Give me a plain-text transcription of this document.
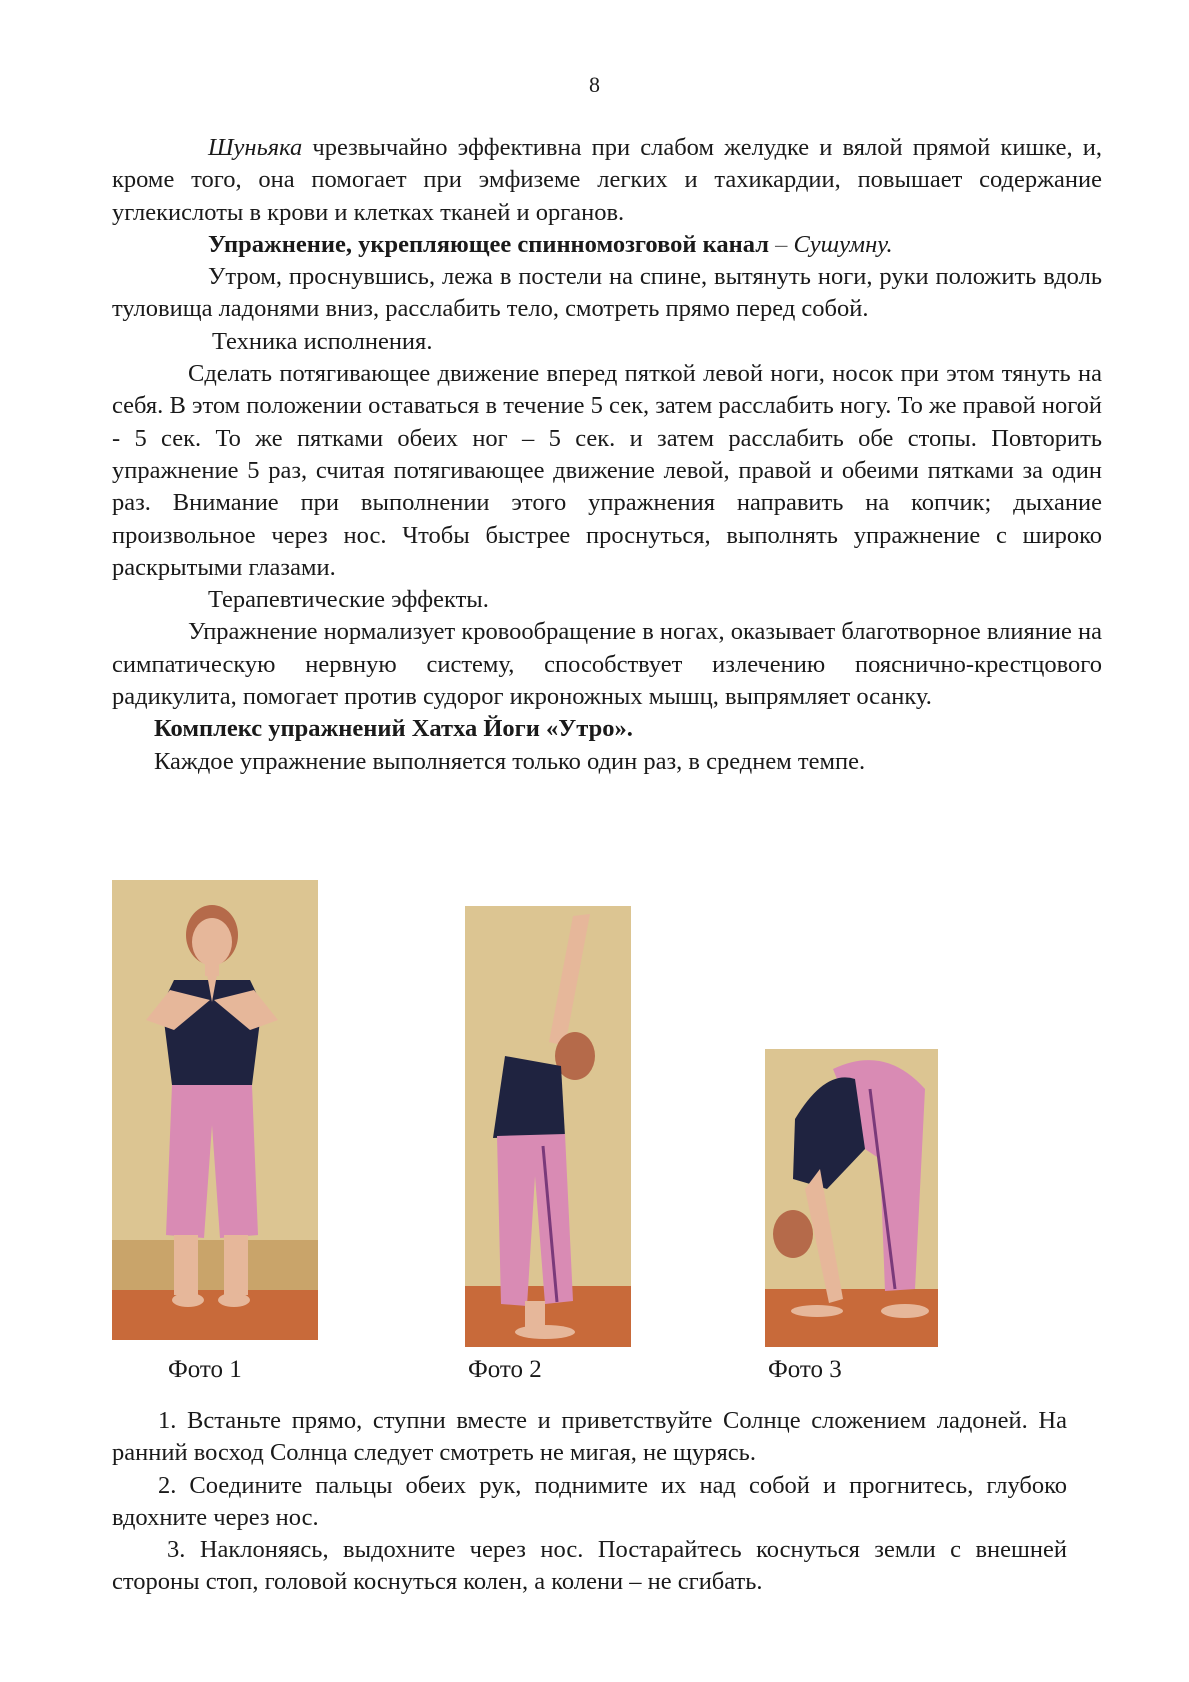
8

Шуньяка чрезвычайно эффективна при слабом желудке и вялой прямой кишке, и, кроме того, она помогает при эмфиземе легких и тахикардии, повышает содержание углекислоты в крови и клетках тканей и органов.

Упражнение, укрепляющее спинномозговой канал – Сушумну.

Утром, проснувшись, лежа в постели на спине, вытянуть ноги, руки положить вдоль туловища ладонями вниз, расслабить тело, смотреть прямо перед собой.

Техника исполнения.

Сделать потягивающее движение вперед пяткой левой ноги, носок при этом тянуть на себя. В этом положении оставаться в течение 5 сек, затем расслабить ногу. То же правой ногой - 5 сек. То же пятками обеих ног – 5 сек. и затем расслабить обе стопы. Повторить упражнение 5 раз, считая потягивающее движение левой, правой и обеими пятками за один раз. Внимание при выполнении этого упражнения направить на копчик; дыхание произвольное через нос. Чтобы быстрее проснуться, выполнять упражнение с широко раскрытыми глазами.

Терапевтические эффекты.

Упражнение нормализует кровообращение в ногах, оказывает благотворное влияние на симпатическую нервную систему, способствует излечению пояснично-крестцового радикулита, помогает против судорог икроножных мышц, выпрямляет осанку.

Комплекс упражнений Хатха Йоги «Утро».

Каждое упражнение выполняется только один раз, в среднем темпе.

Фото 1	Фото 2	Фото 3

1. Встаньте прямо, ступни вместе и приветствуйте Солнце сложением ладоней. На ранний восход Солнца следует смотреть не мигая, не щурясь.

2. Соедините пальцы обеих рук, поднимите их над собой и прогнитесь, глубоко вдохните через нос.

3. Наклоняясь, выдохните через нос. Постарайтесь коснуться земли с внешней стороны стоп, головой коснуться колен, а колени – не сгибать.
